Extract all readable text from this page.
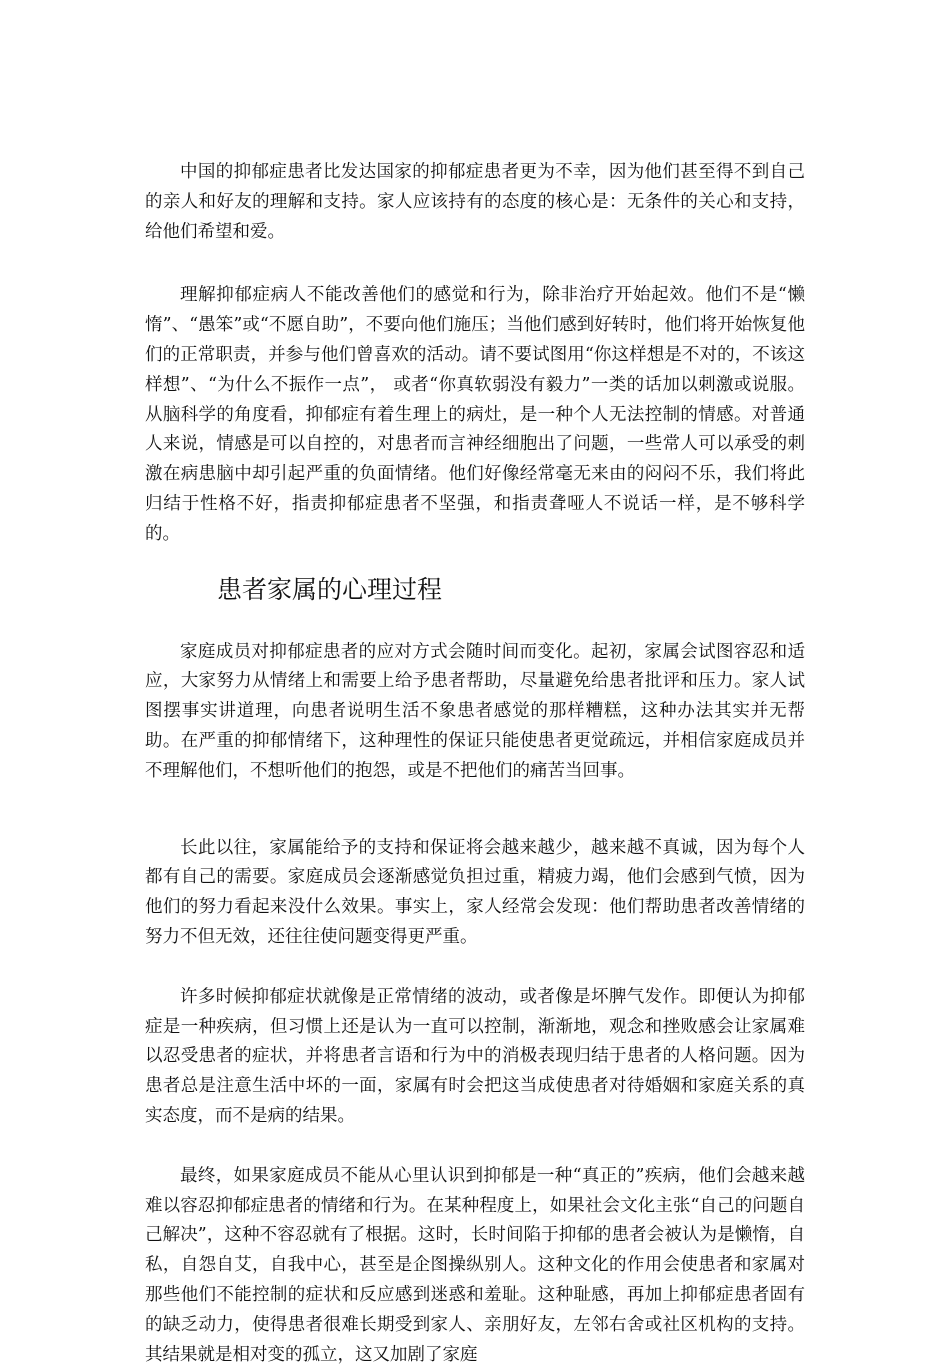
中国的抑郁症患者比发达国家的抑郁症患者更为不幸，因为他们甚至得不到自己的亲人和好友的理解和支持。家人应该持有的态度的核心是：无条件的关心和支持，给他们希望和爱。

理解抑郁症病人不能改善他们的感觉和行为，除非治疗开始起效。他们不是“懒惰”、“愚笨”或“不愿自助”，不要向他们施压；当他们感到好转时，他们将开始恢复他们的正常职责，并参与他们曾喜欢的活动。请不要试图用“你这样想是不对的，不该这样想”、“为什么不振作一点”， 或者“你真软弱没有毅力”一类的话加以刺激或说服。从脑科学的角度看，抑郁症有着生理上的病灶，是一种个人无法控制的情感。对普通人来说，情感是可以自控的，对患者而言神经细胞出了问题，一些常人可以承受的刺激在病患脑中却引起严重的负面情绪。他们好像经常毫无来由的闷闷不乐，我们将此归结于性格不好，指责抑郁症患者不坚强，和指责聋哑人不说话一样，是不够科学的。

患者家属的心理过程

家庭成员对抑郁症患者的应对方式会随时间而变化。起初，家属会试图容忍和适应，大家努力从情绪上和需要上给予患者帮助，尽量避免给患者批评和压力。家人试图摆事实讲道理，向患者说明生活不象患者感觉的那样糟糕，这种办法其实并无帮助。在严重的抑郁情绪下，这种理性的保证只能使患者更觉疏远，并相信家庭成员并不理解他们，不想听他们的抱怨，或是不把他们的痛苦当回事。

长此以往，家属能给予的支持和保证将会越来越少，越来越不真诚，因为每个人都有自己的需要。家庭成员会逐渐感觉负担过重，精疲力竭，他们会感到气愤，因为他们的努力看起来没什么效果。事实上，家人经常会发现：他们帮助患者改善情绪的努力不但无效，还往往使问题变得更严重。

许多时候抑郁症状就像是正常情绪的波动，或者像是坏脾气发作。即便认为抑郁症是一种疾病，但习惯上还是认为一直可以控制，渐渐地，观念和挫败感会让家属难以忍受患者的症状，并将患者言语和行为中的消极表现归结于患者的人格问题。因为患者总是注意生活中坏的一面，家属有时会把这当成使患者对待婚姻和家庭关系的真实态度，而不是病的结果。

最终，如果家庭成员不能从心里认识到抑郁是一种“真正的”疾病，他们会越来越难以容忍抑郁症患者的情绪和行为。在某种程度上，如果社会文化主张“自己的问题自己解决”，这种不容忍就有了根据。这时，长时间陷于抑郁的患者会被认为是懒惰，自私，自怨自艾，自我中心，甚至是企图操纵别人。这种文化的作用会使患者和家属对那些他们不能控制的症状和反应感到迷惑和羞耻。这种耻感，再加上抑郁症患者固有的缺乏动力，使得患者很难长期受到家人、亲朋好友，左邻右舍或社区机构的支持。其结果就是相对变的孤立，这又加剧了家庭
